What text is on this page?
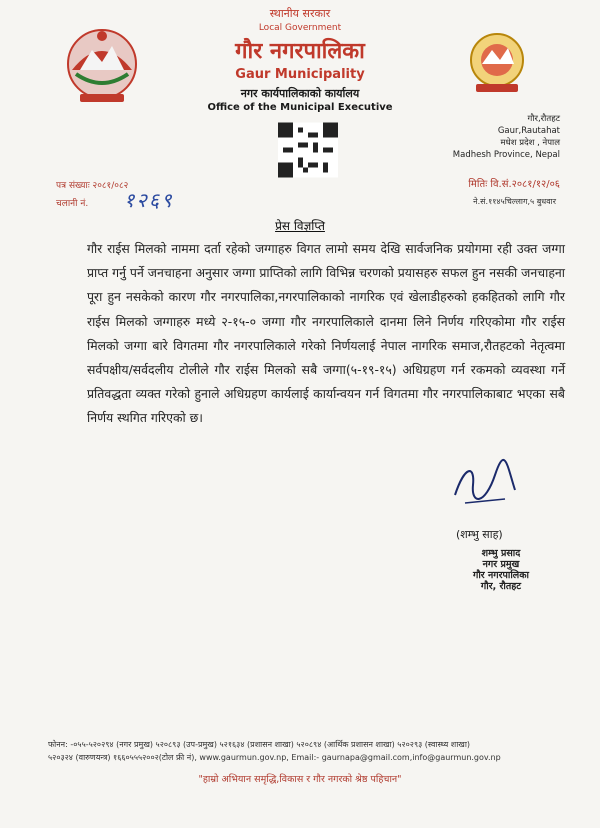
स्थानीय सरकार
Local Government
गौर नगरपालिका
Gaur Municipality
नगर कार्यपालिकाको कार्यालय
Office of the Municipal Executive
गौर,रौतहट
Gaur,Rautahat
मधेश प्रदेश , नेपाल
Madhesh Province, Nepal
पत्र संख्याः २०८१/०८२
चलानी नं. १२६९
मितिः वि.सं.२०८१/१२/०६
ने.सं.११४५चिल्लाग,५ बुधवार
प्रेस विज्ञप्ति
गौर राईस मिलको नाममा दर्ता रहेको जग्गाहरु विगत लामो समय देखि सार्वजनिक प्रयोगमा रही उक्त जग्गा प्राप्त गर्नु पर्ने जनचाहना अनुसार जग्गा प्राप्तिको लागि विभिन्न चरणको प्रयासहरु सफल हुन नसकी जनचाहना पूरा हुन नसकेको कारण गौर नगरपालिका,नगरपालिकाको नागरिक एवं खेलाडीहरुको हकहितको लागि गौर राईस मिलको जग्गाहरु मध्ये २-१५-० जग्गा गौर नगरपालिकाले दानमा लिने निर्णय गरिएकोमा गौर राईस मिलको जग्गा बारे विगतमा गौर नगरपालिकाले गरेको निर्णयलाई नेपाल नागरिक समाज,रौतहटको नेतृत्वमा सर्वपक्षीय/सर्वदलीय टोलीले गौर राईस मिलको सबै जग्गा(५-१९-१५) अधिग्रहण गर्न रकमको व्यवस्था गर्ने प्रतिवद्धता व्यक्त गरेको हुनाले अधिग्रहण कार्यलाई कार्यान्वयन गर्न विगतमा गौर नगरपालिकाबाट भएका सबै निर्णय स्थगित गरिएको छ।
(शम्भु साह)
शम्भु प्रसाद
नगर प्रमुख
गौर नगरपालिका
गौर, रौतहट
फोनन: -०५५-५२०२९४ (नगर प्रमुख) ५२०८९३ (उप-प्रमुख) ५२१६३४ (प्रशासन शाखा) ५२०८९४ (आर्थिक प्रशासन शाखा) ५२०२९३ (स्वास्थ्य शाखा)
५२०३२४ (वारुणयन्त्र) १६६०५५५२००२(टोल फ्री नं), www.gaurmun.gov.np, Email:- gaurnapa@gmail.com,info@gaurmun.gov.np
"हाम्रो अभियान समृद्धि,विकास र गौर नगरको श्रेष्ठ पहिचान"
